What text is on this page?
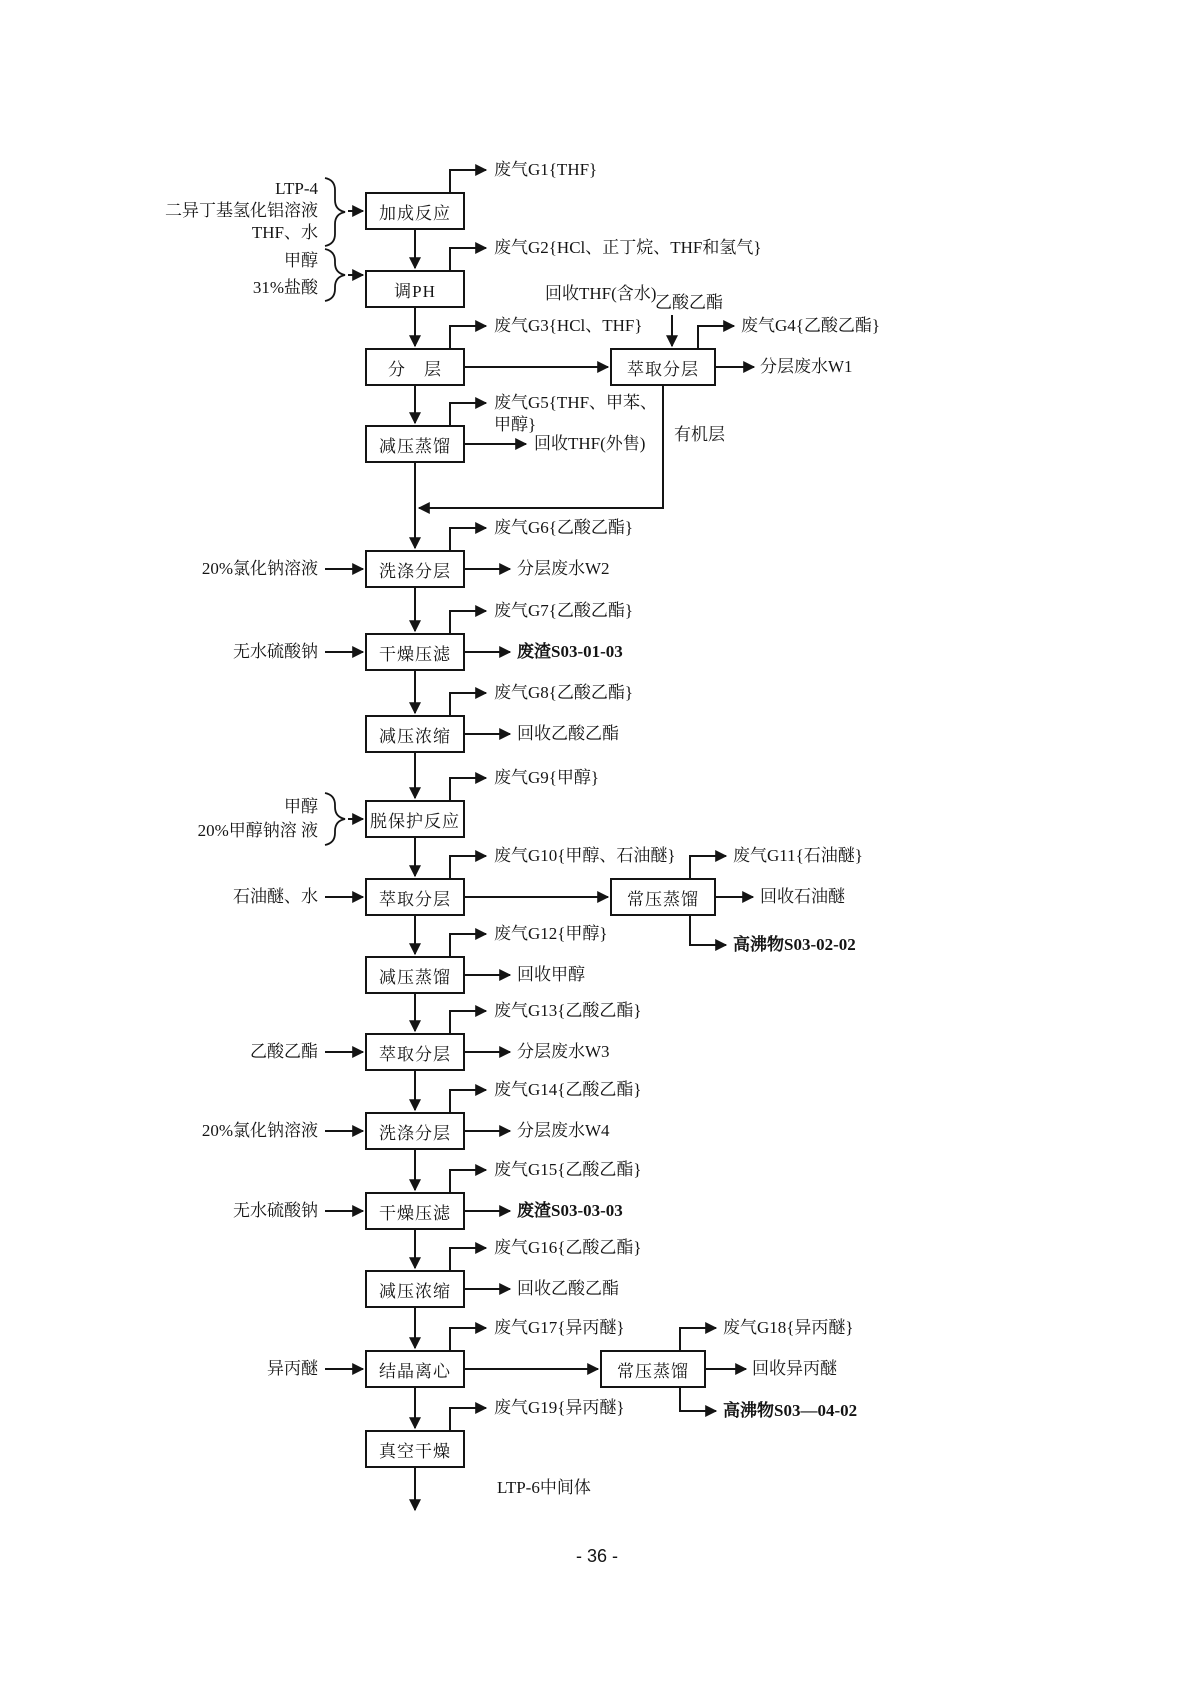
加成反应
调PH
分　层	萃取分层
减压蒸馏
洗涤分层
干燥压滤
减压浓缩
脱保护反应
萃取分层	常压蒸馏
减压蒸馏
萃取分层
洗涤分层
干燥压滤
减压浓缩
结晶离心	常压蒸馏
真空干燥
LTP-4
二异丁基氢化铝溶液
THF、水
甲醇
31%盐酸
20%氯化钠溶液
无水硫酸钠
甲醇
20%甲醇钠溶 液
石油醚、水
乙酸乙酯
20%氯化钠溶液
无水硫酸钠
异丙醚
回收THF(含水)
乙酸乙酯
废气G1{THF}
废气G2{HCl、正丁烷、THF和氢气}
废气G3{HCl、THF}	废气G4{乙酸乙酯}
废气G5{THF、甲苯、甲醇}
废气G6{乙酸乙酯}
废气G7{乙酸乙酯}
废气G8{乙酸乙酯}
废气G9{甲醇}
废气G10{甲醇、石油醚}	废气G11{石油醚}
废气G12{甲醇}
废气G13{乙酸乙酯}
废气G14{乙酸乙酯}
废气G15{乙酸乙酯}
废气G16{乙酸乙酯}
废气G17{异丙醚}	废气G18{异丙醚}
废气G19{异丙醚}
分层废水W1
回收THF(外售)
分层废水W2
废渣S03-01-03
回收乙酸乙酯
回收石油醚
高沸物S03-02-02
回收甲醇
分层废水W3
分层废水W4
废渣S03-03-03
回收乙酸乙酯
回收异丙醚
高沸物S03—04-02
有机层
LTP-6中间体
- 36 -
